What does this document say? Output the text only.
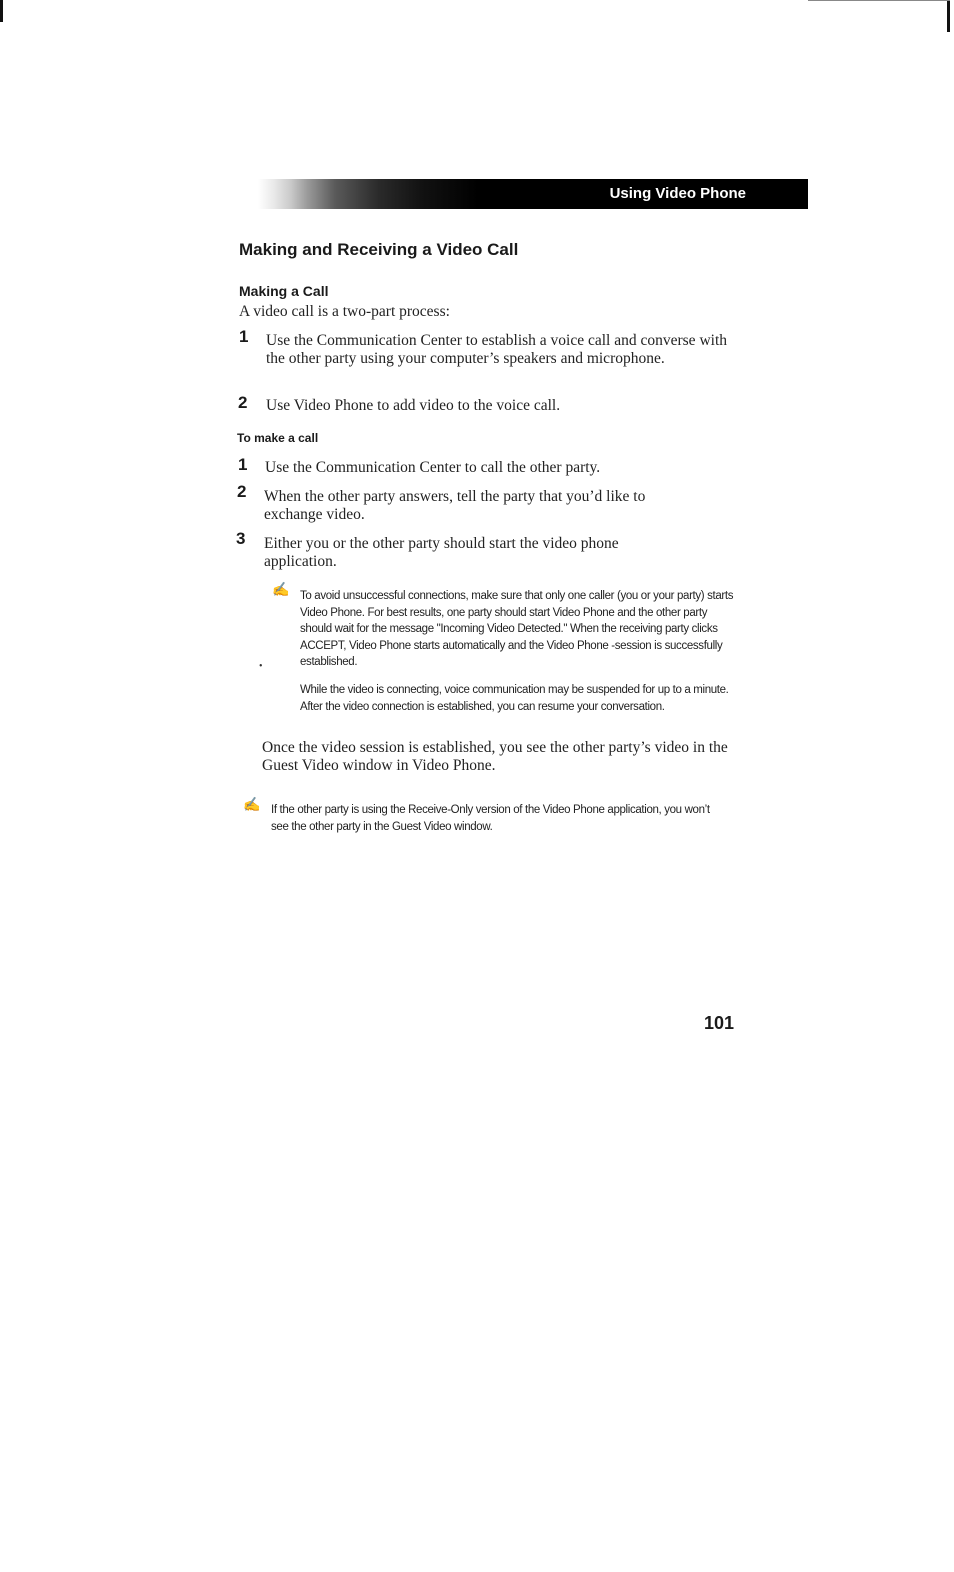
Using Video Phone
Making and Receiving a Video Call
Making a Call
A video call is a two-part process:
1 Use the Communication Center to establish a voice call and converse with the other party using your computer’s speakers and microphone.
2 Use Video Phone to add video to the voice call.
To make a call
1 Use the Communication Center to call the other party.
2 When the other party answers, tell the party that you’d like to exchange video.
3 Either you or the other party should start the video phone application.
✍ To avoid unsuccessful connections, make sure that only one caller (you or your party) starts Video Phone. For best results, one party should start Video Phone and the other party should wait for the message "Incoming Video Detected." When the receiving party clicks ACCEPT, Video Phone starts automatically and the Video Phone -session is successfully established.
•
While the video is connecting, voice communication may be suspended for up to a minute. After the video connection is established, you can resume your conversation.
Once the video session is established, you see the other party’s video in the Guest Video window in Video Phone.
✍ If the other party is using the Receive-Only version of the Video Phone application, you won’t see the other party in the Guest Video window.
101
